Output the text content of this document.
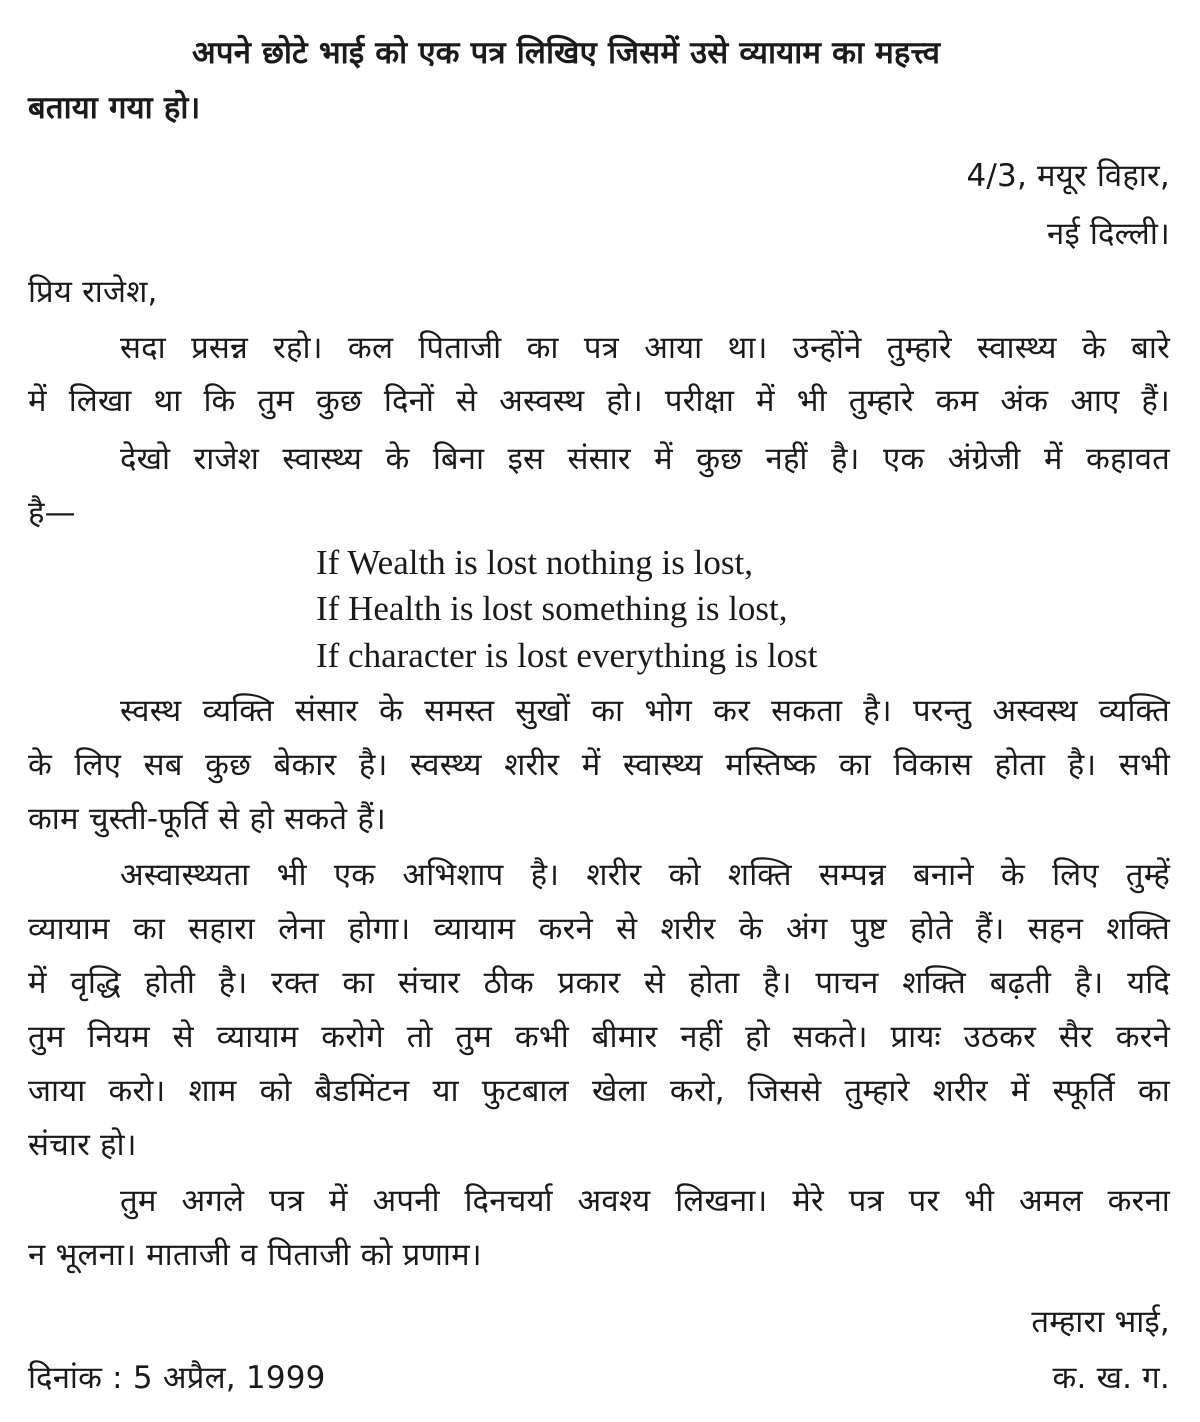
अपने छोटे भाई को एक पत्र लिखिए जिसमें उसे व्यायाम का महत्त्व
बताया गया हो।
4/3, मयूर विहार,
नई दिल्ली।
प्रिय राजेश,
सदा प्रसन्न रहो। कल पिताजी का पत्र आया था। उन्होंने तुम्हारे स्वास्थ्य के बारे
में लिखा था कि तुम कुछ दिनों से अस्वस्थ हो। परीक्षा में भी तुम्हारे कम अंक आए हैं।
देखो राजेश स्वास्थ्य के बिना इस संसार में कुछ नहीं है। एक अंग्रेजी में कहावत
है—
If Wealth is lost nothing is lost,
If Health is lost something is lost,
If character is lost everything is lost
स्वस्थ व्यक्ति संसार के समस्त सुखों का भोग कर सकता है। परन्तु अस्वस्थ व्यक्ति
के लिए सब कुछ बेकार है। स्वस्थ्य शरीर में स्वास्थ्य मस्तिष्क का विकास होता है। सभी
काम चुस्ती-फूर्ति से हो सकते हैं।
अस्वास्थ्यता भी एक अभिशाप है। शरीर को शक्ति सम्पन्न बनाने के लिए तुम्हें
व्यायाम का सहारा लेना होगा। व्यायाम करने से शरीर के अंग पुष्ट होते हैं। सहन शक्ति
में वृद्धि होती है। रक्त का संचार ठीक प्रकार से होता है। पाचन शक्ति बढ़ती है। यदि
तुम नियम से व्यायाम करोगे तो तुम कभी बीमार नहीं हो सकते। प्रायः उठकर सैर करने
जाया करो। शाम को बैडमिंटन या फुटबाल खेला करो, जिससे तुम्हारे शरीर में स्फूर्ति का
संचार हो।
तुम अगले पत्र में अपनी दिनचर्या अवश्य लिखना। मेरे पत्र पर भी अमल करना
न भूलना। माताजी व पिताजी को प्रणाम।
तम्हारा भाई,
क. ख. ग.
दिनांक : 5 अप्रैल, 1999
